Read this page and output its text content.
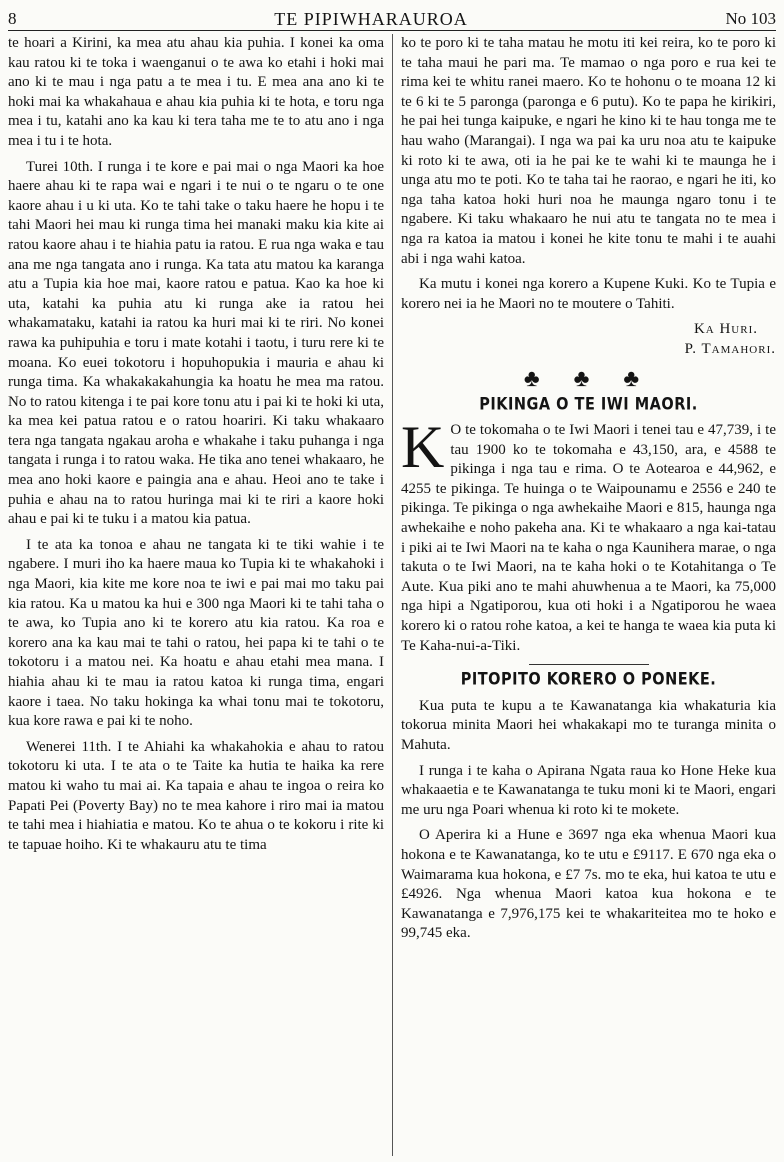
8	TE PIPIWHARAUROA	No 103

te hoari a Kirini, ka mea atu ahau kia puhia. I konei ka oma kau ratou ki te toka i waenganui o te awa ko etahi i hoki mai ano ki te mau i nga patu a te mea i tu. E mea ana ano ki te hoki mai ka whakahaua e ahau kia puhia ki te hota, e toru nga mea i tu, katahi ano ka kau ki tera taha me te to atu ano i nga mea i tu i te hota.

Turei 10th. I runga i te kore e pai mai o nga Maori ka hoe haere ahau ki te rapa wai e ngari i te nui o te ngaru o te one kaore ahau i u ki uta. Ko te tahi take o taku haere he hopu i te tahi Maori hei mau ki runga tima hei manaki maku kia kite ai ratou kaore ahau i te hiahia patu ia ratou. E rua nga waka e tau ana me nga tangata ano i runga. Ka tata atu matou ka karanga atu a Tupia kia hoe mai, kaore ratou e patua. Kao ka hoe ki uta, katahi ka puhia atu ki runga ake ia ratou hei whakamataku, katahi ia ratou ka huri mai ki te riri. No konei rawa ka puhipuhia e toru i mate kotahi i taotu, i turu rere ki te moana. Ko euei tokotoru i hopuhopukia i mauria e ahau ki runga tima. Ka whakakakahungia ka hoatu he mea ma ratou. No to ratou kitenga i te pai kore tonu atu i pai ki te hoki ki uta, ka mea kei patua ratou e o ratou hoariri. Ki taku whakaaro tera nga tangata ngakau aroha e whakahe i taku puhanga i nga tangata i runga i to ratou waka. He tika ano tenei whakaaro, he mea ano hoki kaore e paingia ana e ahau. Heoi ano te take i puhia e ahau na to ratou huringa mai ki te riri a kaore hoki ahau e pai ki te tuku i a matou kia patua.

I te ata ka tonoa e ahau ne tangata ki te tiki wahie i te ngabere. I muri iho ka haere maua ko Tupia ki te whakahoki i nga Maori, kia kite me kore noa te iwi e pai mai mo taku pai kia ratou. Ka u matou ka hui e 300 nga Maori ki te tahi taha o te awa, ko Tupia ano ki te korero atu kia ratou. Ka roa e korero ana ka kau mai te tahi o ratou, hei papa ki te tahi o te tokotoru i a matou nei. Ka hoatu e ahau etahi mea mana. I hiahia ahau ki te mau ia ratou katoa ki runga tima, engari kaore i taea. No taku hokinga ka whai tonu mai te tokotoru, kua kore rawa e pai ki te noho.

Wenerei 11th. I te Ahiahi ka whakahokia e ahau to ratou tokotoru ki uta. I te ata o te Taite ka hutia te haika ka rere matou ki waho tu mai ai. Ka tapaia e ahau te ingoa o reira ko Papati Pei (Poverty Bay) no te mea kahore i riro mai ia matou te tahi mea i hiahiatia e matou. Ko te ahua o te kokoru i rite ki te tapuae hoiho. Ki te whakauru atu te tima

ko te poro ki te taha matau he motu iti kei reira, ko te poro ki te taha maui he pari ma. Te mamao o nga poro e rua kei te rima kei te whitu ranei maero. Ko te hohonu o te moana 12 ki te 6 ki te 5 paronga (paronga e 6 putu). Ko te papa he kirikiri, he pai hei tunga kaipuke, e ngari he kino ki te hau tonga me te hau waho (Marangai). I nga wa pai ka uru noa atu te kaipuke ki roto ki te awa, oti ia he pai ke te wahi ki te maunga he i unga atu mo te poti. Ko te taha tai he raorao, e ngari he iti, ko nga taha katoa hoki huri noa he maunga ngaro tonu i te ngabere. Ki taku whakaaro he nui atu te tangata no te mea i nga ra katoa ia matou i konei he kite tonu te mahi i te auahi abi i nga wahi katoa.

Ka mutu i konei nga korero a Kupene Kuki. Ko te Tupia e korero nei ia he Maori no te moutere o Tahiti.

Ka Huri.

P. Tamahori.

♣ ♣ ♣
PIKINGA O TE IWI MAORI.

K O te tokomaha o te Iwi Maori i tenei tau e 47,739, i te tau 1900 ko te tokomaha e 43,150, ara, e 4588 te pikinga i nga tau e rima. O te Aotearoa e 44,962, e 4255 te pikinga. Te huinga o te Waipounamu e 2556 e 240 te pikinga. Te pikinga o nga awhekaihe Maori e 815, haunga nga awhekaihe e noho pakeha ana. Ki te whakaaro a nga kai-tatau i piki ai te Iwi Maori na te kaha o nga Kaunihera marae, o nga takuta o te Iwi Maori, na te kaha hoki o te Kotahitanga o Te Aute. Kua piki ano te mahi ahuwhenua a te Maori, ka 75,000 nga hipi a Ngatiporou, kua oti hoki i a Ngatiporou he waea korero ki o ratou rohe katoa, a kei te hanga te waea kia puta ki Te Kaha-nui-a-Tiki.

PITOPITO KORERO O PONEKE.

Kua puta te kupu a te Kawanatanga kia whakaturia kia tokorua minita Maori hei whakakapi mo te turanga minita o Mahuta.

I runga i te kaha o Apirana Ngata raua ko Hone Heke kua whakaaetia e te Kawanatanga te tuku moni ki te Maori, engari me uru nga Poari whenua ki roto ki te mokete.

O Aperira ki a Hune e 3697 nga eka whenua Maori kua hokona e te Kawanatanga, ko te utu e £9117. E 670 nga eka o Waimarama kua hokona, e £7 7s. mo te eka, hui katoa te utu e £4926. Nga whenua Maori katoa kua hokona e te Kawanatanga e 7,976,175 kei te whakariteitea mo te hoko e 99,745 eka.
